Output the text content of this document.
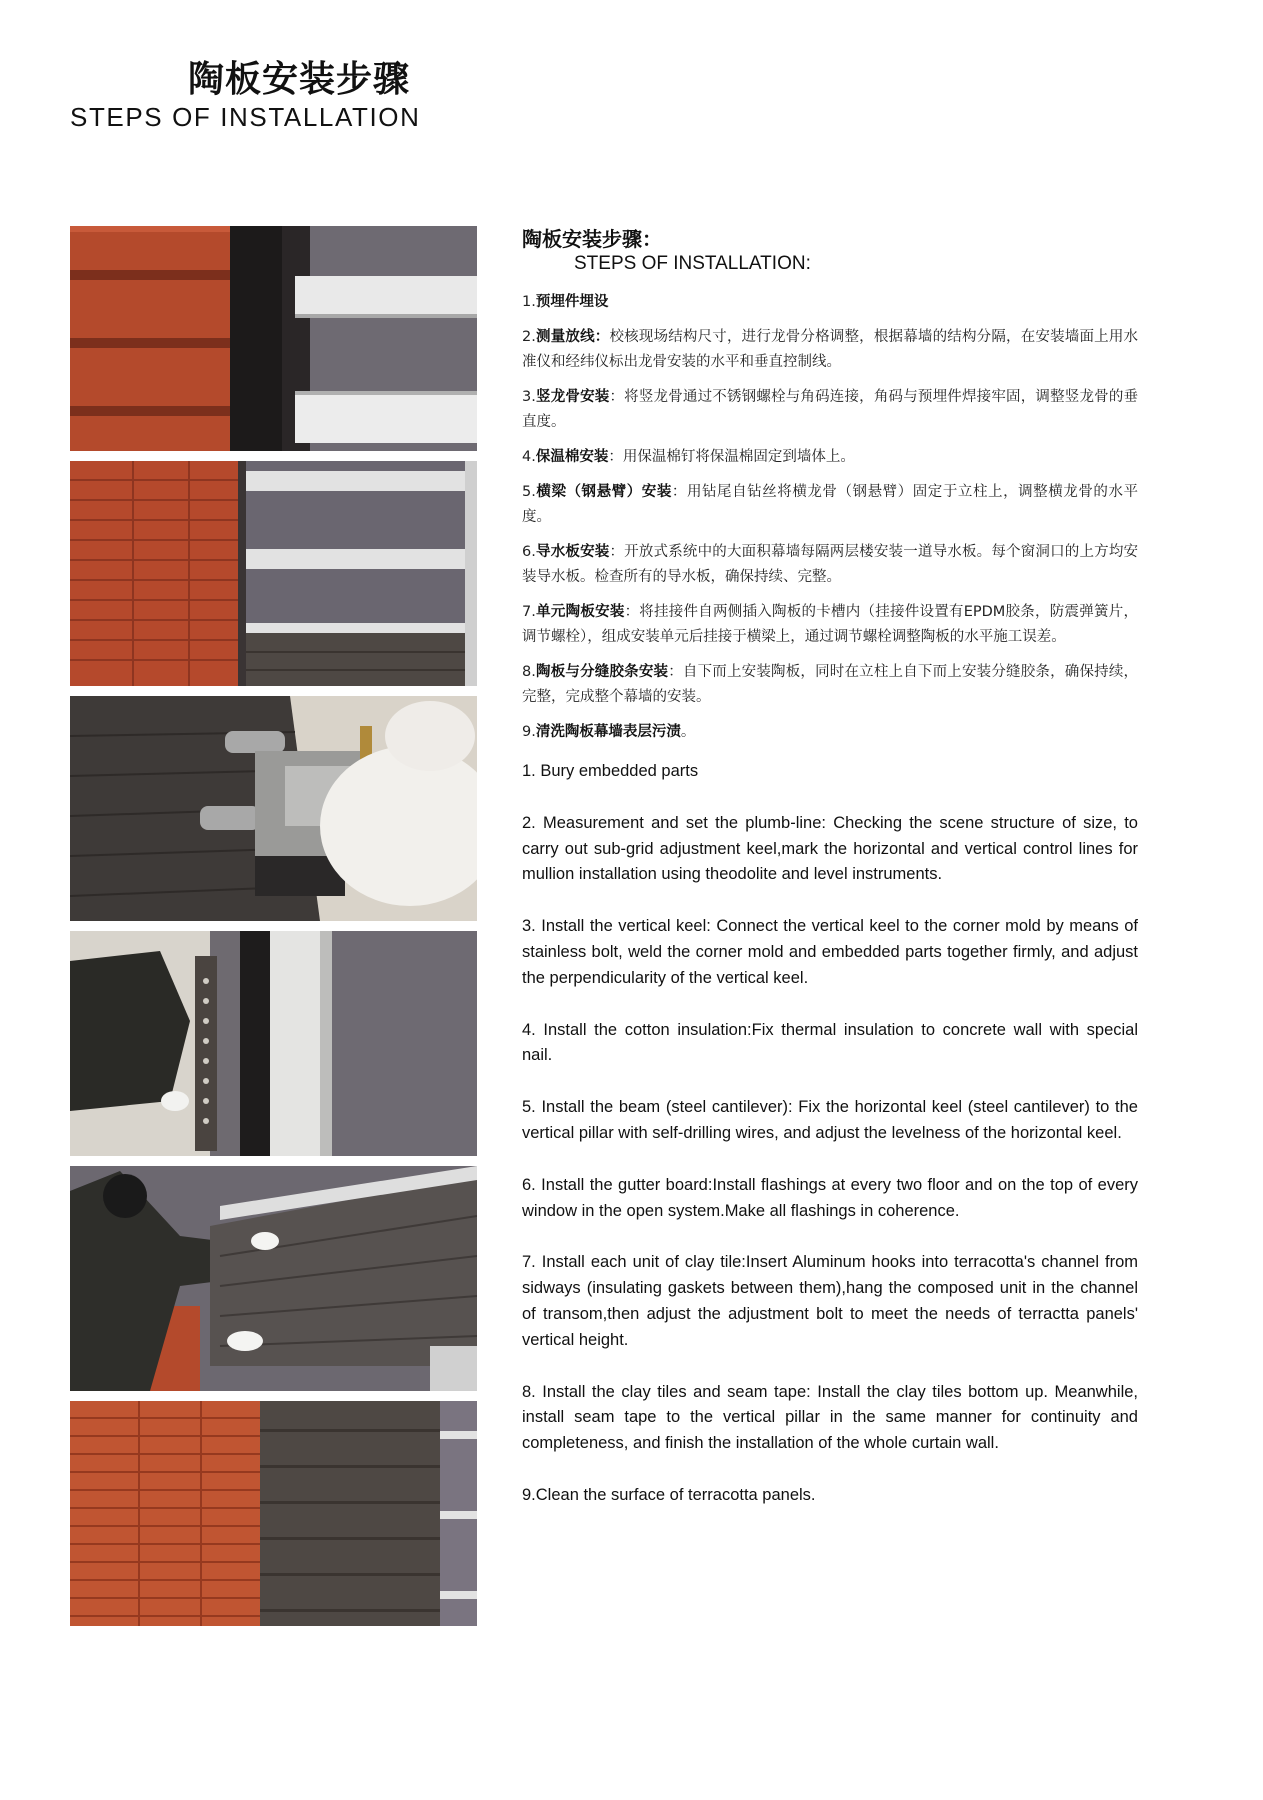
陶板安装步骤
STEPS OF INSTALLATION
陶板安装步骤：
STEPS OF INSTALLATION:
1.预埋件埋设
2.测量放线：校核现场结构尺寸，进行龙骨分格调整，根据幕墙的结构分隔，在安装墙面上用水准仪和经纬仪标出龙骨安装的水平和垂直控制线。
3.竖龙骨安装：将竖龙骨通过不锈钢螺栓与角码连接，角码与预埋件焊接牢固，调整竖龙骨的垂直度。
4.保温棉安装：用保温棉钉将保温棉固定到墙体上。
5.横梁（钢悬臂）安装：用钻尾自钻丝将横龙骨（钢悬臂）固定于立柱上，调整横龙骨的水平度。
6.导水板安装：开放式系统中的大面积幕墙每隔两层楼安装一道导水板。每个窗洞口的上方均安装导水板。检查所有的导水板，确保持续、完整。
7.单元陶板安装：将挂接件自两侧插入陶板的卡槽内（挂接件设置有EPDM胶条，防震弹簧片，调节螺栓），组成安装单元后挂接于横梁上，通过调节螺栓调整陶板的水平施工误差。
8.陶板与分缝胶条安装：自下而上安装陶板，同时在立柱上自下而上安装分缝胶条，确保持续，完整，完成整个幕墙的安装。
9.清洗陶板幕墙表层污渍。
1. Bury embedded parts
2. Measurement and set the plumb-line: Checking the scene structure of size, to carry out sub-grid adjustment keel,mark the horizontal and vertical control lines for mullion installation using theodolite and level instruments.
3. Install the vertical keel: Connect the vertical keel to the corner mold by means of stainless bolt, weld the corner mold and embedded parts together firmly, and adjust the perpendicularity of the vertical keel.
4. Install the cotton insulation:Fix thermal insulation to concrete wall with special nail.
5. Install the beam (steel cantilever): Fix the horizontal keel (steel cantilever) to the vertical pillar with self-drilling wires, and adjust the levelness of the horizontal keel.
6. Install the gutter board:Install flashings at every two floor and on the top of every window in the open system.Make all flashings in coherence.
7. Install each unit of clay tile:Insert Aluminum hooks into terracotta's channel from sidways (insulating gaskets between them),hang the composed unit in the channel of transom,then adjust the adjustment bolt to meet the needs of terractta panels' vertical height.
8. Install the clay tiles and seam tape: Install the clay tiles bottom up. Meanwhile, install seam tape to the vertical pillar in the same manner for continuity and completeness, and finish the installation of the whole curtain wall.
9.Clean the surface of terracotta panels.
